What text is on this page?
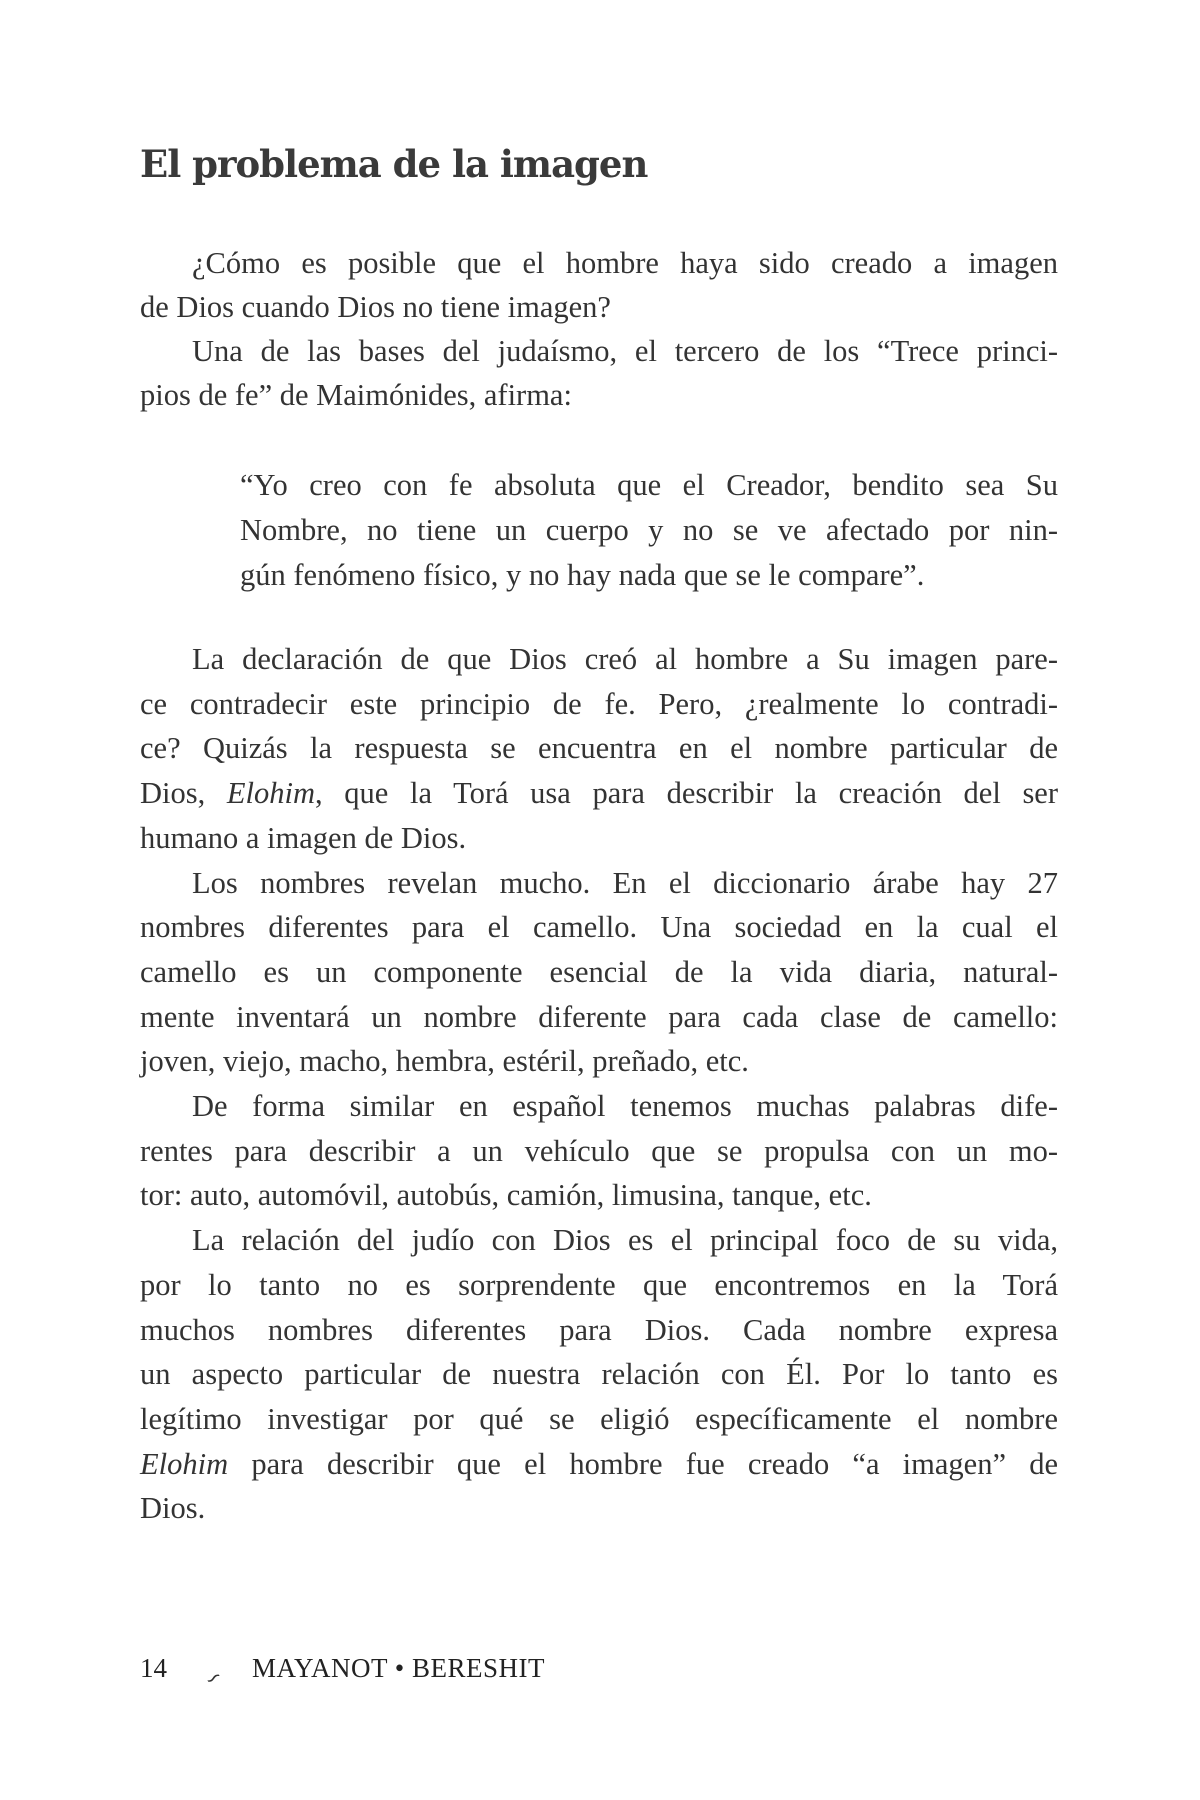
El problema de la imagen
¿Cómo es posible que el hombre haya sido creado a imagen
de Dios cuando Dios no tiene imagen?
Una de las bases del judaísmo, el tercero de los “Trece princi-
pios de fe” de Maimónides, afirma:
“Yo creo con fe absoluta que el Creador, bendito sea Su
Nombre, no tiene un cuerpo y no se ve afectado por nin-
gún fenómeno físico, y no hay nada que se le compare”.
La declaración de que Dios creó al hombre a Su imagen pare-
ce contradecir este principio de fe. Pero, ¿realmente lo contradi-
ce? Quizás la respuesta se encuentra en el nombre particular de
Dios, Elohim, que la Torá usa para describir la creación del ser
humano a imagen de Dios.
Los nombres revelan mucho. En el diccionario árabe hay 27
nombres diferentes para el camello. Una sociedad en la cual el
camello es un componente esencial de la vida diaria, natural-
mente inventará un nombre diferente para cada clase de camello:
joven, viejo, macho, hembra, estéril, preñado, etc.
De forma similar en español tenemos muchas palabras dife-
rentes para describir a un vehículo que se propulsa con un mo-
tor: auto, automóvil, autobús, camión, limusina, tanque, etc.
La relación del judío con Dios es el principal foco de su vida,
por lo tanto no es sorprendente que encontremos en la Torá
muchos nombres diferentes para Dios. Cada nombre expresa
un aspecto particular de nuestra relación con Él. Por lo tanto es
legítimo investigar por qué se eligió específicamente el nombre
Elohim para describir que el hombre fue creado “a imagen” de
Dios.
14	∽ MAYANOT • BERESHIT
